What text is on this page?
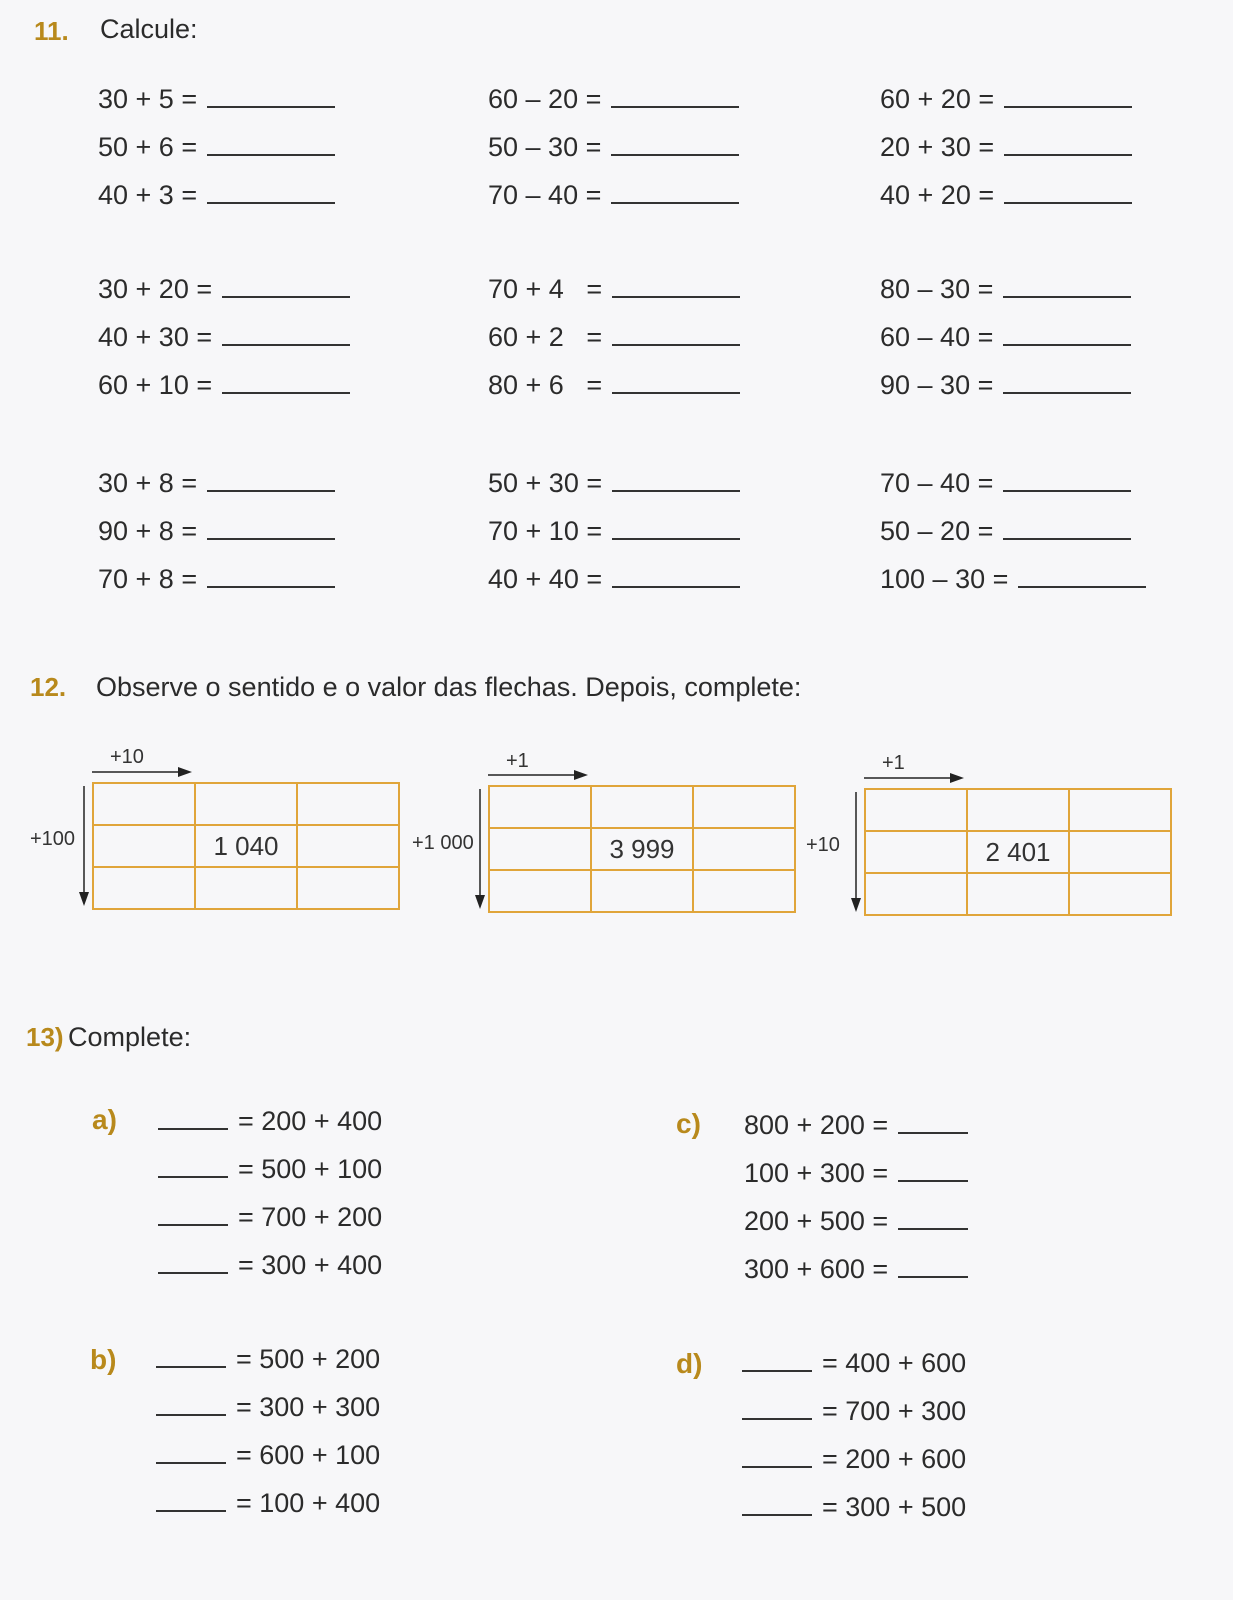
11. Calcule:
30 + 5 =
50 + 6 =
40 + 3 =
60 – 20 =
50 – 30 =
70 – 40 =
60 + 20 =
20 + 30 =
40 + 20 =
30 + 20 =
40 + 30 =
60 + 10 =
70 + 4   =
60 + 2   =
80 + 6   =
80 – 30 =
60 – 40 =
90 – 30 =
30 + 8 =
90 + 8 =
70 + 8 =
50 + 30 =
70 + 10 =
40 + 40 =
70 – 40 =
50 – 20 =
100 – 30 =
12. Observe o sentido e o valor das flechas. Depois, complete:
+10
+100

		1 040	

+1
+1 000

		3 999	

+1
+10

		2 401	

13) Complete:
a)	= 200 + 400
= 500 + 100
= 700 + 200
= 300 + 400
b)	= 500 + 200
= 300 + 300
= 600 + 100
= 100 + 400
c) 800 + 200 =
100 + 300 =
200 + 500 =
300 + 600 =
d)	= 400 + 600
= 700 + 300
= 200 + 600
= 300 + 500
